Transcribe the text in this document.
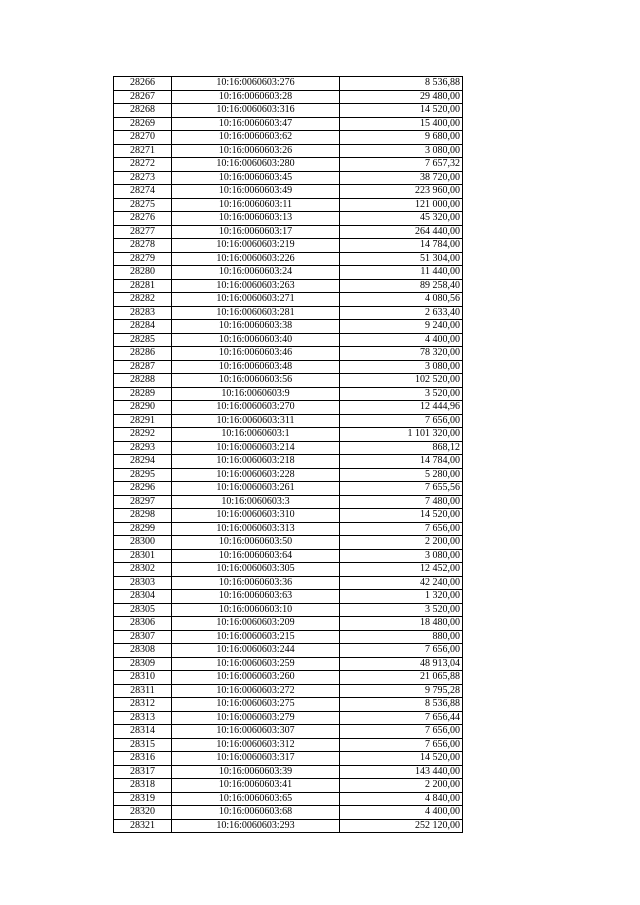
28266	10:16:0060603:276	8 536,88
28267	10:16:0060603:28	29 480,00
28268	10:16:0060603:316	14 520,00
28269	10:16:0060603:47	15 400,00
28270	10:16:0060603:62	9 680,00
28271	10:16:0060603:26	3 080,00
28272	10:16:0060603:280	7 657,32
28273	10:16:0060603:45	38 720,00
28274	10:16:0060603:49	223 960,00
28275	10:16:0060603:11	121 000,00
28276	10:16:0060603:13	45 320,00
28277	10:16:0060603:17	264 440,00
28278	10:16:0060603:219	14 784,00
28279	10:16:0060603:226	51 304,00
28280	10:16:0060603:24	11 440,00
28281	10:16:0060603:263	89 258,40
28282	10:16:0060603:271	4 080,56
28283	10:16:0060603:281	2 633,40
28284	10:16:0060603:38	9 240,00
28285	10:16:0060603:40	4 400,00
28286	10:16:0060603:46	78 320,00
28287	10:16:0060603:48	3 080,00
28288	10:16:0060603:56	102 520,00
28289	10:16:0060603:9	3 520,00
28290	10:16:0060603:270	12 444,96
28291	10:16:0060603:311	7 656,00
28292	10:16:0060603:1	1 101 320,00
28293	10:16:0060603:214	868,12
28294	10:16:0060603:218	14 784,00
28295	10:16:0060603:228	5 280,00
28296	10:16:0060603:261	7 655,56
28297	10:16:0060603:3	7 480,00
28298	10:16:0060603:310	14 520,00
28299	10:16:0060603:313	7 656,00
28300	10:16:0060603:50	2 200,00
28301	10:16:0060603:64	3 080,00
28302	10:16:0060603:305	12 452,00
28303	10:16:0060603:36	42 240,00
28304	10:16:0060603:63	1 320,00
28305	10:16:0060603:10	3 520,00
28306	10:16:0060603:209	18 480,00
28307	10:16:0060603:215	880,00
28308	10:16:0060603:244	7 656,00
28309	10:16:0060603:259	48 913,04
28310	10:16:0060603:260	21 065,88
28311	10:16:0060603:272	9 795,28
28312	10:16:0060603:275	8 536,88
28313	10:16:0060603:279	7 656,44
28314	10:16:0060603:307	7 656,00
28315	10:16:0060603:312	7 656,00
28316	10:16:0060603:317	14 520,00
28317	10:16:0060603:39	143 440,00
28318	10:16:0060603:41	2 200,00
28319	10:16:0060603:65	4 840,00
28320	10:16:0060603:68	4 400,00
28321	10:16:0060603:293	252 120,00
